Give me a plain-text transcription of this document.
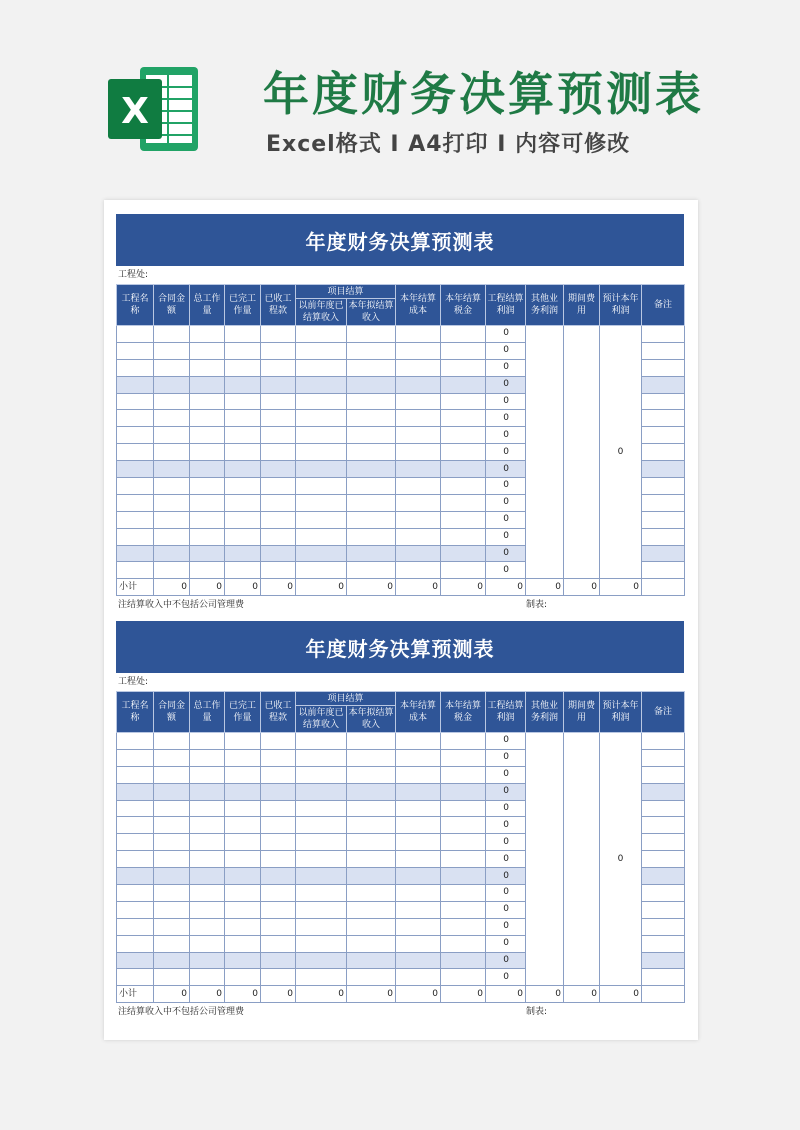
X 年度财务决算预测表
Excel格式 I A4打印 I 内容可修改
年度财务决算预测表
工程处:
工程名称	合同金额	总工作量	已完工作量	已收工程款	项目结算		本年结算成本	本年结算税金	工程结算利润	其他业务利润	期间费用	预计本年利润	备注
					以前年度已结算收入	本年拟结算收入							
									0			0	
									0				
									0				
									0				
									0				
									0				
									0				
									0				
									0				
									0				
									0				
									0				
									0				
									0				
									0				
小计	0	0	0	0	0	0	0	0	0	0	0	0	
注结算收入中不包括公司管理费	制表:
年度财务决算预测表
工程处:
工程名称	合同金额	总工作量	已完工作量	已收工程款	项目结算		本年结算成本	本年结算税金	工程结算利润	其他业务利润	期间费用	预计本年利润	备注
					以前年度已结算收入	本年拟结算收入							
									0			0	
									0				
									0				
									0				
									0				
									0				
									0				
									0				
									0				
									0				
									0				
									0				
									0				
									0				
									0				
小计	0	0	0	0	0	0	0	0	0	0	0	0	
注结算收入中不包括公司管理费	制表:
